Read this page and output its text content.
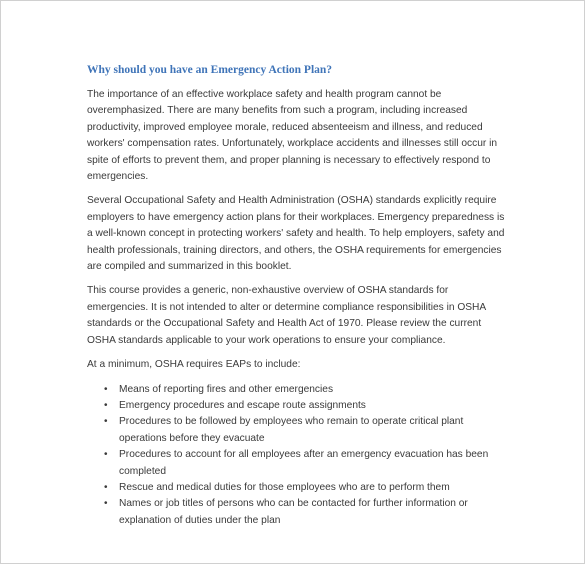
Why should you have an Emergency Action Plan?

The importance of an effective workplace safety and health program cannot be overemphasized. There are many benefits from such a program, including increased productivity, improved employee morale, reduced absenteeism and illness, and reduced workers' compensation rates. Unfortunately, workplace accidents and illnesses still occur in spite of efforts to prevent them, and proper planning is necessary to effectively respond to emergencies.

Several Occupational Safety and Health Administration (OSHA) standards explicitly require employers to have emergency action plans for their workplaces. Emergency preparedness is a well-known concept in protecting workers' safety and health. To help employers, safety and health professionals, training directors, and others, the OSHA requirements for emergencies are compiled and summarized in this booklet.

This course provides a generic, non-exhaustive overview of OSHA standards for emergencies. It is not intended to alter or determine compliance responsibilities in OSHA standards or the Occupational Safety and Health Act of 1970. Please review the current OSHA standards applicable to your work operations to ensure your compliance.

At a minimum, OSHA requires EAPs to include:

• Means of reporting fires and other emergencies
• Emergency procedures and escape route assignments
• Procedures to be followed by employees who remain to operate critical plant operations before they evacuate
• Procedures to account for all employees after an emergency evacuation has been completed
• Rescue and medical duties for those employees who are to perform them
• Names or job titles of persons who can be contacted for further information or explanation of duties under the plan
